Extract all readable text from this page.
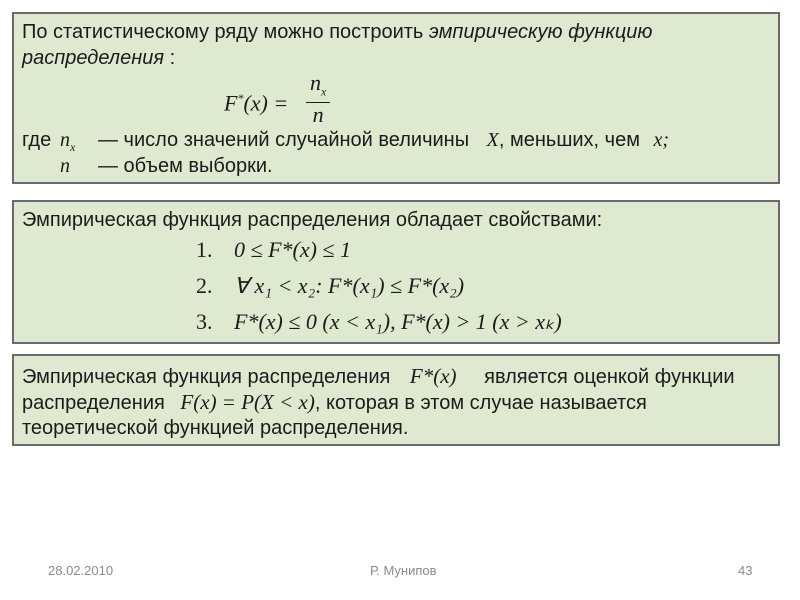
По статистическому ряду можно построить эмпирическую функцию
распределения :
$F^*(x) = \frac{n_x}{n}$
где $n_x$ — число значений случайной величины X, меньших, чем x;
n — объем выборки.
Эмпирическая функция распределения обладает свойствами:
1. 0 ≤ F*(x) ≤ 1
2. ∀ x₁ < x₂: F*(x₁) ≤ F*(x₂)
3. F*(x) ≤ 0 (x < x₁), F*(x) > 1 (x > xₖ)
Эмпирическая функция распределения F*(x) является оценкой функции
распределения F(x) = P(X < x), которая в этом случае называется
теоретической функцией распределения.
28.02.2010	Р. Мунипов	43
